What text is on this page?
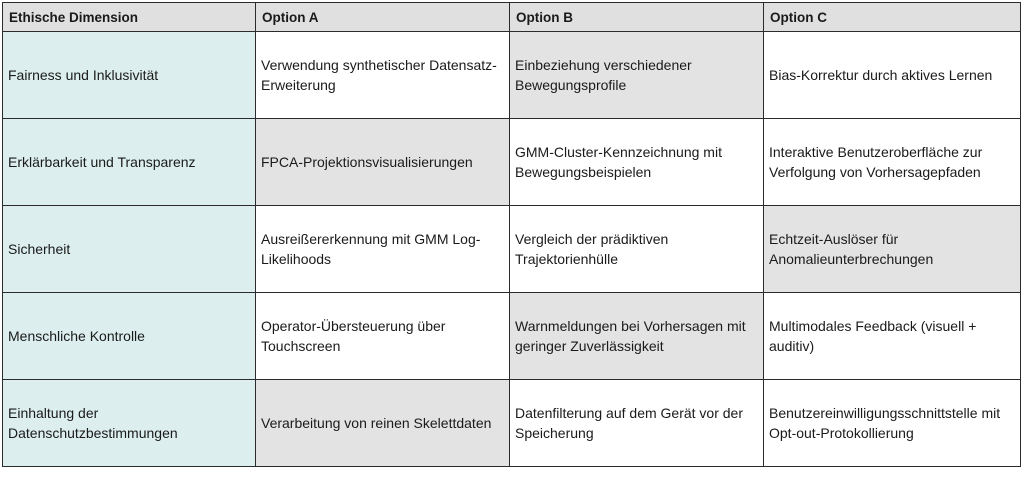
Ethische Dimension	Option A	Option B	Option C

Fairness und Inklusivität	Verwendung synthetischer Datensatz-Erweiterung	Einbeziehung verschiedener Bewegungsprofile	Bias-Korrektur durch aktives Lernen

Erklärbarkeit und Transparenz	FPCA-Projektionsvisualisierungen	GMM-Cluster-Kennzeichnung mit Bewegungsbeispielen	Interaktive Benutzeroberfläche zur Verfolgung von Vorhersagepfaden

Sicherheit	Ausreißererkennung mit GMM Log-Likelihoods	Vergleich der prädiktiven Trajektorienhülle	Echtzeit-Auslöser für Anomalieunterbrechungen

Menschliche Kontrolle	Operator-Übersteuerung über Touchscreen	Warnmeldungen bei Vorhersagen mit geringer Zuverlässigkeit	Multimodales Feedback (visuell + auditiv)

Einhaltung der Datenschutzbestimmungen	Verarbeitung von reinen Skelettdaten	Datenfilterung auf dem Gerät vor der Speicherung	Benutzereinwilligungsschnittstelle mit Opt-out-Protokollierung
